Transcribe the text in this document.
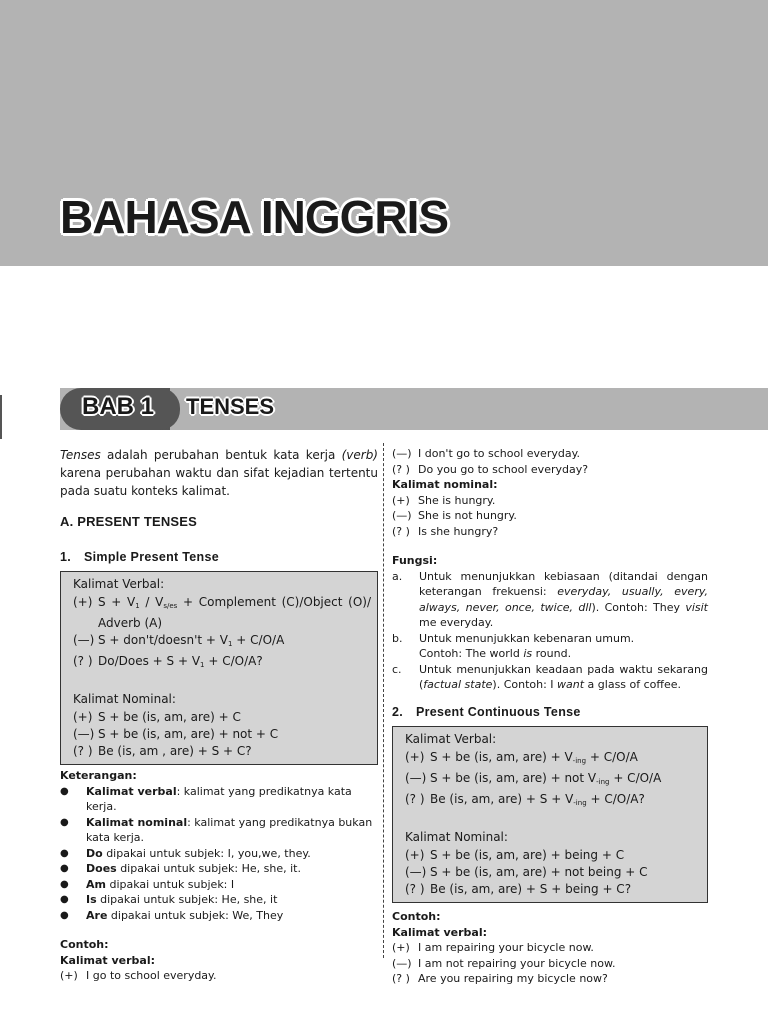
BAHASA INGGRIS
BAB 1 TENSES

Tenses adalah perubahan bentuk kata kerja (verb) karena perubahan waktu dan sifat kejadian tertentu pada suatu konteks kalimat.

A. PRESENT TENSES
1. Simple Present Tense
Kalimat Verbal:
(+) $S + V_1 / V_{s/es}$ + Complement (C)/Object (O)/ Adverb (A)
(—) S + don't/doesn't + $V_1 + C/O/A$
(? ) Do/Does + $S + V_1 + C/O/A$?
Kalimat Nominal:
(+) S + be (is, am, are) + C
(—) S + be (is, am, are) + not + C
(? ) Be (is, am , are) + S + C?
Keterangan:
●	Kalimat verbal: kalimat yang predikatnya kata kerja.
●	Kalimat nominal: kalimat yang predikatnya bukan kata kerja.
●	Do dipakai untuk subjek: I, you,we, they.
●	Does dipakai untuk subjek: He, she, it.
●	Am dipakai untuk subjek: I
●	Is dipakai untuk subjek: He, she, it
●	Are dipakai untuk subjek: We, They
Contoh:
Kalimat verbal:
(+) I go to school everyday.
(—) I don't go to school everyday.
(? ) Do you go to school everyday?
Kalimat nominal:
(+) She is hungry.
(—) She is not hungry.
(? ) Is she hungry?
Fungsi:
a.	Untuk menunjukkan kebiasaan (ditandai dengan keterangan frekuensi: everyday, usually, every, always, never, once, twice, dll). Contoh: They visit me everyday.
b.	Untuk menunjukkan kebenaran umum.
Contoh: The world is round.
c.	Untuk menunjukkan keadaan pada waktu sekarang (factual state). Contoh: I want a glass of coffee.
2. Present Continuous Tense
Kalimat Verbal:
(+) S + be (is, am, $are) + V_{-ing} + C/O/A$
(—) S + be (is, am, are) + not $V_{-ing} + C/O/A$
(? ) Be (is, am, $are) + S + V_{-ing} + C/O/A$?
Kalimat Nominal:
(+) S + be (is, am, are) + being + C
(—) S + be (is, am, are) + not being + C
(? ) Be (is, am, are) + S + being + C?
Contoh:
Kalimat verbal:
(+) I am repairing your bicycle now.
(—) I am not repairing your bicycle now.
(? ) Are you repairing my bicycle now?
